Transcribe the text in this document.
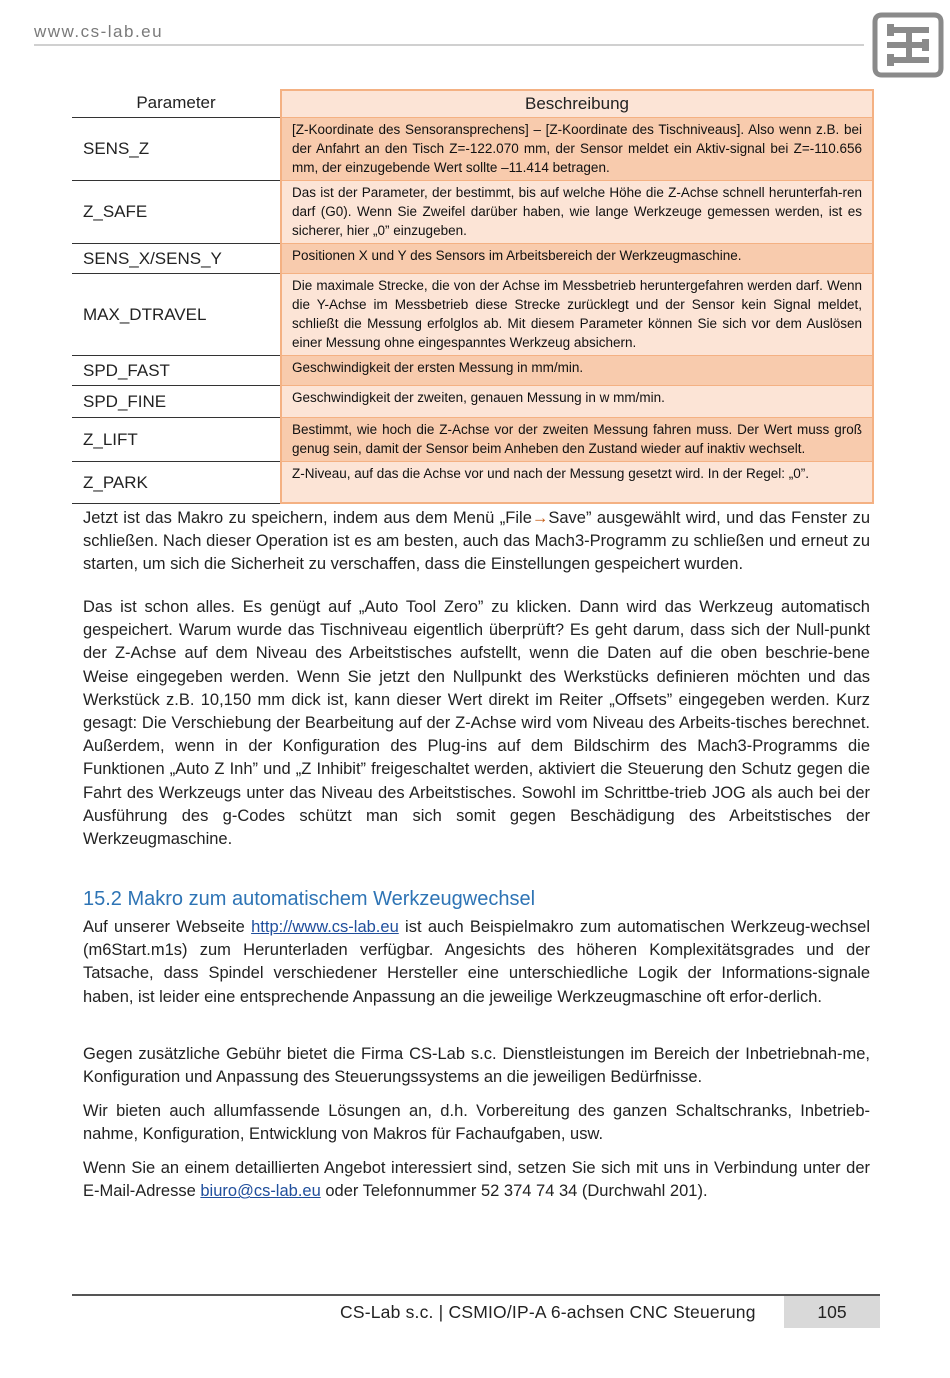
www.cs-lab.eu
Parameter	Beschreibung
SENS_Z	[Z-Koordinate des Sensoransprechens] – [Z-Koordinate des Tischniveaus]. Also wenn z.B. bei der Anfahrt an den Tisch Z=-122.070 mm, der Sensor meldet ein Aktiv-signal bei Z=-110.656 mm, der einzugebende Wert sollte –11.414 betragen.
Z_SAFE	Das ist der Parameter, der bestimmt, bis auf welche Höhe die Z-Achse schnell herunterfah-ren darf (G0). Wenn Sie Zweifel darüber haben, wie lange Werkzeuge gemessen werden, ist es sicherer, hier „0” einzugeben.
SENS_X/SENS_Y	Positionen X und Y des Sensors im Arbeitsbereich der Werkzeugmaschine.
MAX_DTRAVEL	Die maximale Strecke, die von der Achse im Messbetrieb heruntergefahren werden darf. Wenn die Y-Achse im Messbetrieb diese Strecke zurücklegt und der Sensor kein Signal meldet, schließt die Messung erfolglos ab. Mit diesem Parameter können Sie sich vor dem Auslösen einer Messung ohne eingespanntes Werkzeug absichern.
SPD_FAST	Geschwindigkeit der ersten Messung in mm/min.
SPD_FINE	Geschwindigkeit der zweiten, genauen Messung in w mm/min.
Z_LIFT	Bestimmt, wie hoch die Z-Achse vor der zweiten Messung fahren muss. Der Wert muss groß genug sein, damit der Sensor beim Anheben den Zustand wieder auf inaktiv wechselt.
Z_PARK	Z-Niveau, auf das die Achse vor und nach der Messung gesetzt wird. In der Regel: „0”.

Jetzt ist das Makro zu speichern, indem aus dem Menü „File→Save” ausgewählt wird, und das Fenster zu schließen. Nach dieser Operation ist es am besten, auch das Mach3-Programm zu schließen und erneut zu starten, um sich die Sicherheit zu verschaffen, dass die Einstellungen gespeichert wurden.

Das ist schon alles. Es genügt auf „Auto Tool Zero” zu klicken. Dann wird das Werkzeug automatisch gespeichert. Warum wurde das Tischniveau eigentlich überprüft? Es geht darum, dass sich der Null-punkt der Z-Achse auf dem Niveau des Arbeitstisches aufstellt, wenn die Daten auf die oben beschrie-bene Weise eingegeben werden. Wenn Sie jetzt den Nullpunkt des Werkstücks definieren möchten und das Werkstück z.B. 10,150 mm dick ist, kann dieser Wert direkt im Reiter „Offsets” eingegeben werden. Kurz gesagt: Die Verschiebung der Bearbeitung auf der Z-Achse wird vom Niveau des Arbeits-tisches berechnet. Außerdem, wenn in der Konfiguration des Plug-ins auf dem Bildschirm des Mach3-Programms die Funktionen „Auto Z Inh” und „Z Inhibit” freigeschaltet werden, aktiviert die Steuerung den Schutz gegen die Fahrt des Werkzeugs unter das Niveau des Arbeitstisches. Sowohl im Schrittbe-trieb JOG als auch bei der Ausführung des g-Codes schützt man sich somit gegen Beschädigung des Arbeitstisches der Werkzeugmaschine.

15.2 Makro zum automatischem Werkzeugwechsel

Auf unserer Webseite http://www.cs-lab.eu ist auch Beispielmakro zum automatischen Werkzeug-wechsel (m6Start.m1s) zum Herunterladen verfügbar. Angesichts des höheren Komplexitätsgrades und der Tatsache, dass Spindel verschiedener Hersteller eine unterschiedliche Logik der Informations-signale haben, ist leider eine entsprechende Anpassung an die jeweilige Werkzeugmaschine oft erfor-derlich.

Gegen zusätzliche Gebühr bietet die Firma CS-Lab s.c. Dienstleistungen im Bereich der Inbetriebnah-me, Konfiguration und Anpassung des Steuerungssystems an die jeweiligen Bedürfnisse.

Wir bieten auch allumfassende Lösungen an, d.h. Vorbereitung des ganzen Schaltschranks, Inbetrieb-nahme, Konfiguration, Entwicklung von Makros für Fachaufgaben, usw.

Wenn Sie an einem detaillierten Angebot interessiert sind, setzen Sie sich mit uns in Verbindung unter der E-Mail-Adresse biuro@cs-lab.eu oder Telefonnummer 52 374 74 34 (Durchwahl 201).

CS-Lab s.c. | CSMIO/IP-A 6-achsen CNC Steuerung	105
